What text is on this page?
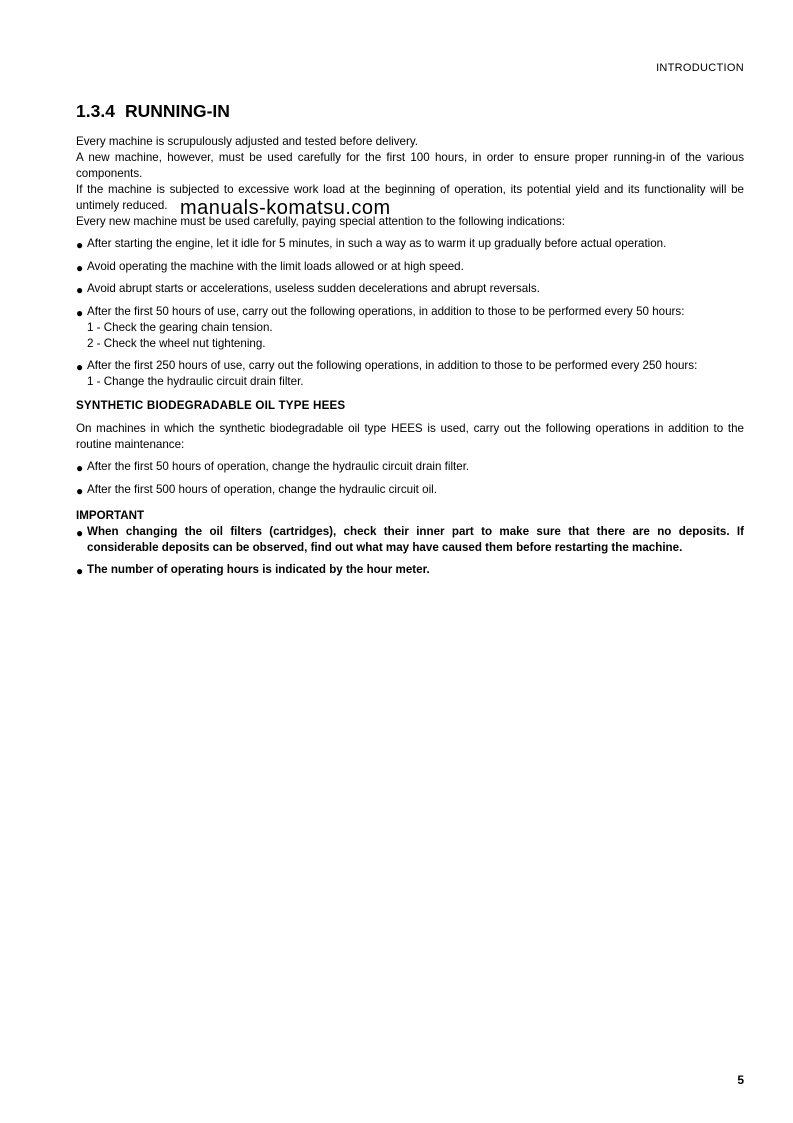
INTRODUCTION
manuals-komatsu.com
1.3.4 RUNNING-IN

Every machine is scrupulously adjusted and tested before delivery.

A new machine, however, must be used carefully for the first 100 hours, in order to ensure proper running-in of the various components.

If the machine is subjected to excessive work load at the beginning of operation, its potential yield and its functionality will be untimely reduced.

Every new machine must be used carefully, paying special attention to the following indications:

● After starting the engine, let it idle for 5 minutes, in such a way as to warm it up gradually before actual operation.
● Avoid operating the machine with the limit loads allowed or at high speed.
● Avoid abrupt starts or accelerations, useless sudden decelerations and abrupt reversals.
● After the first 50 hours of use, carry out the following operations, in addition to those to be performed every 50 hours:
1 - Check the gearing chain tension.
2 - Check the wheel nut tightening.
● After the first 250 hours of use, carry out the following operations, in addition to those to be performed every 250 hours:
1 - Change the hydraulic circuit drain filter.
SYNTHETIC BIODEGRADABLE OIL TYPE HEES

On machines in which the synthetic biodegradable oil type HEES is used, carry out the following operations in addition to the routine maintenance:

● After the first 50 hours of operation, change the hydraulic circuit drain filter.
● After the first 500 hours of operation, change the hydraulic circuit oil.
IMPORTANT
● When changing the oil filters (cartridges), check their inner part to make sure that there are no deposits. If considerable deposits can be observed, find out what may have caused them before restarting the machine.
● The number of operating hours is indicated by the hour meter.
5
